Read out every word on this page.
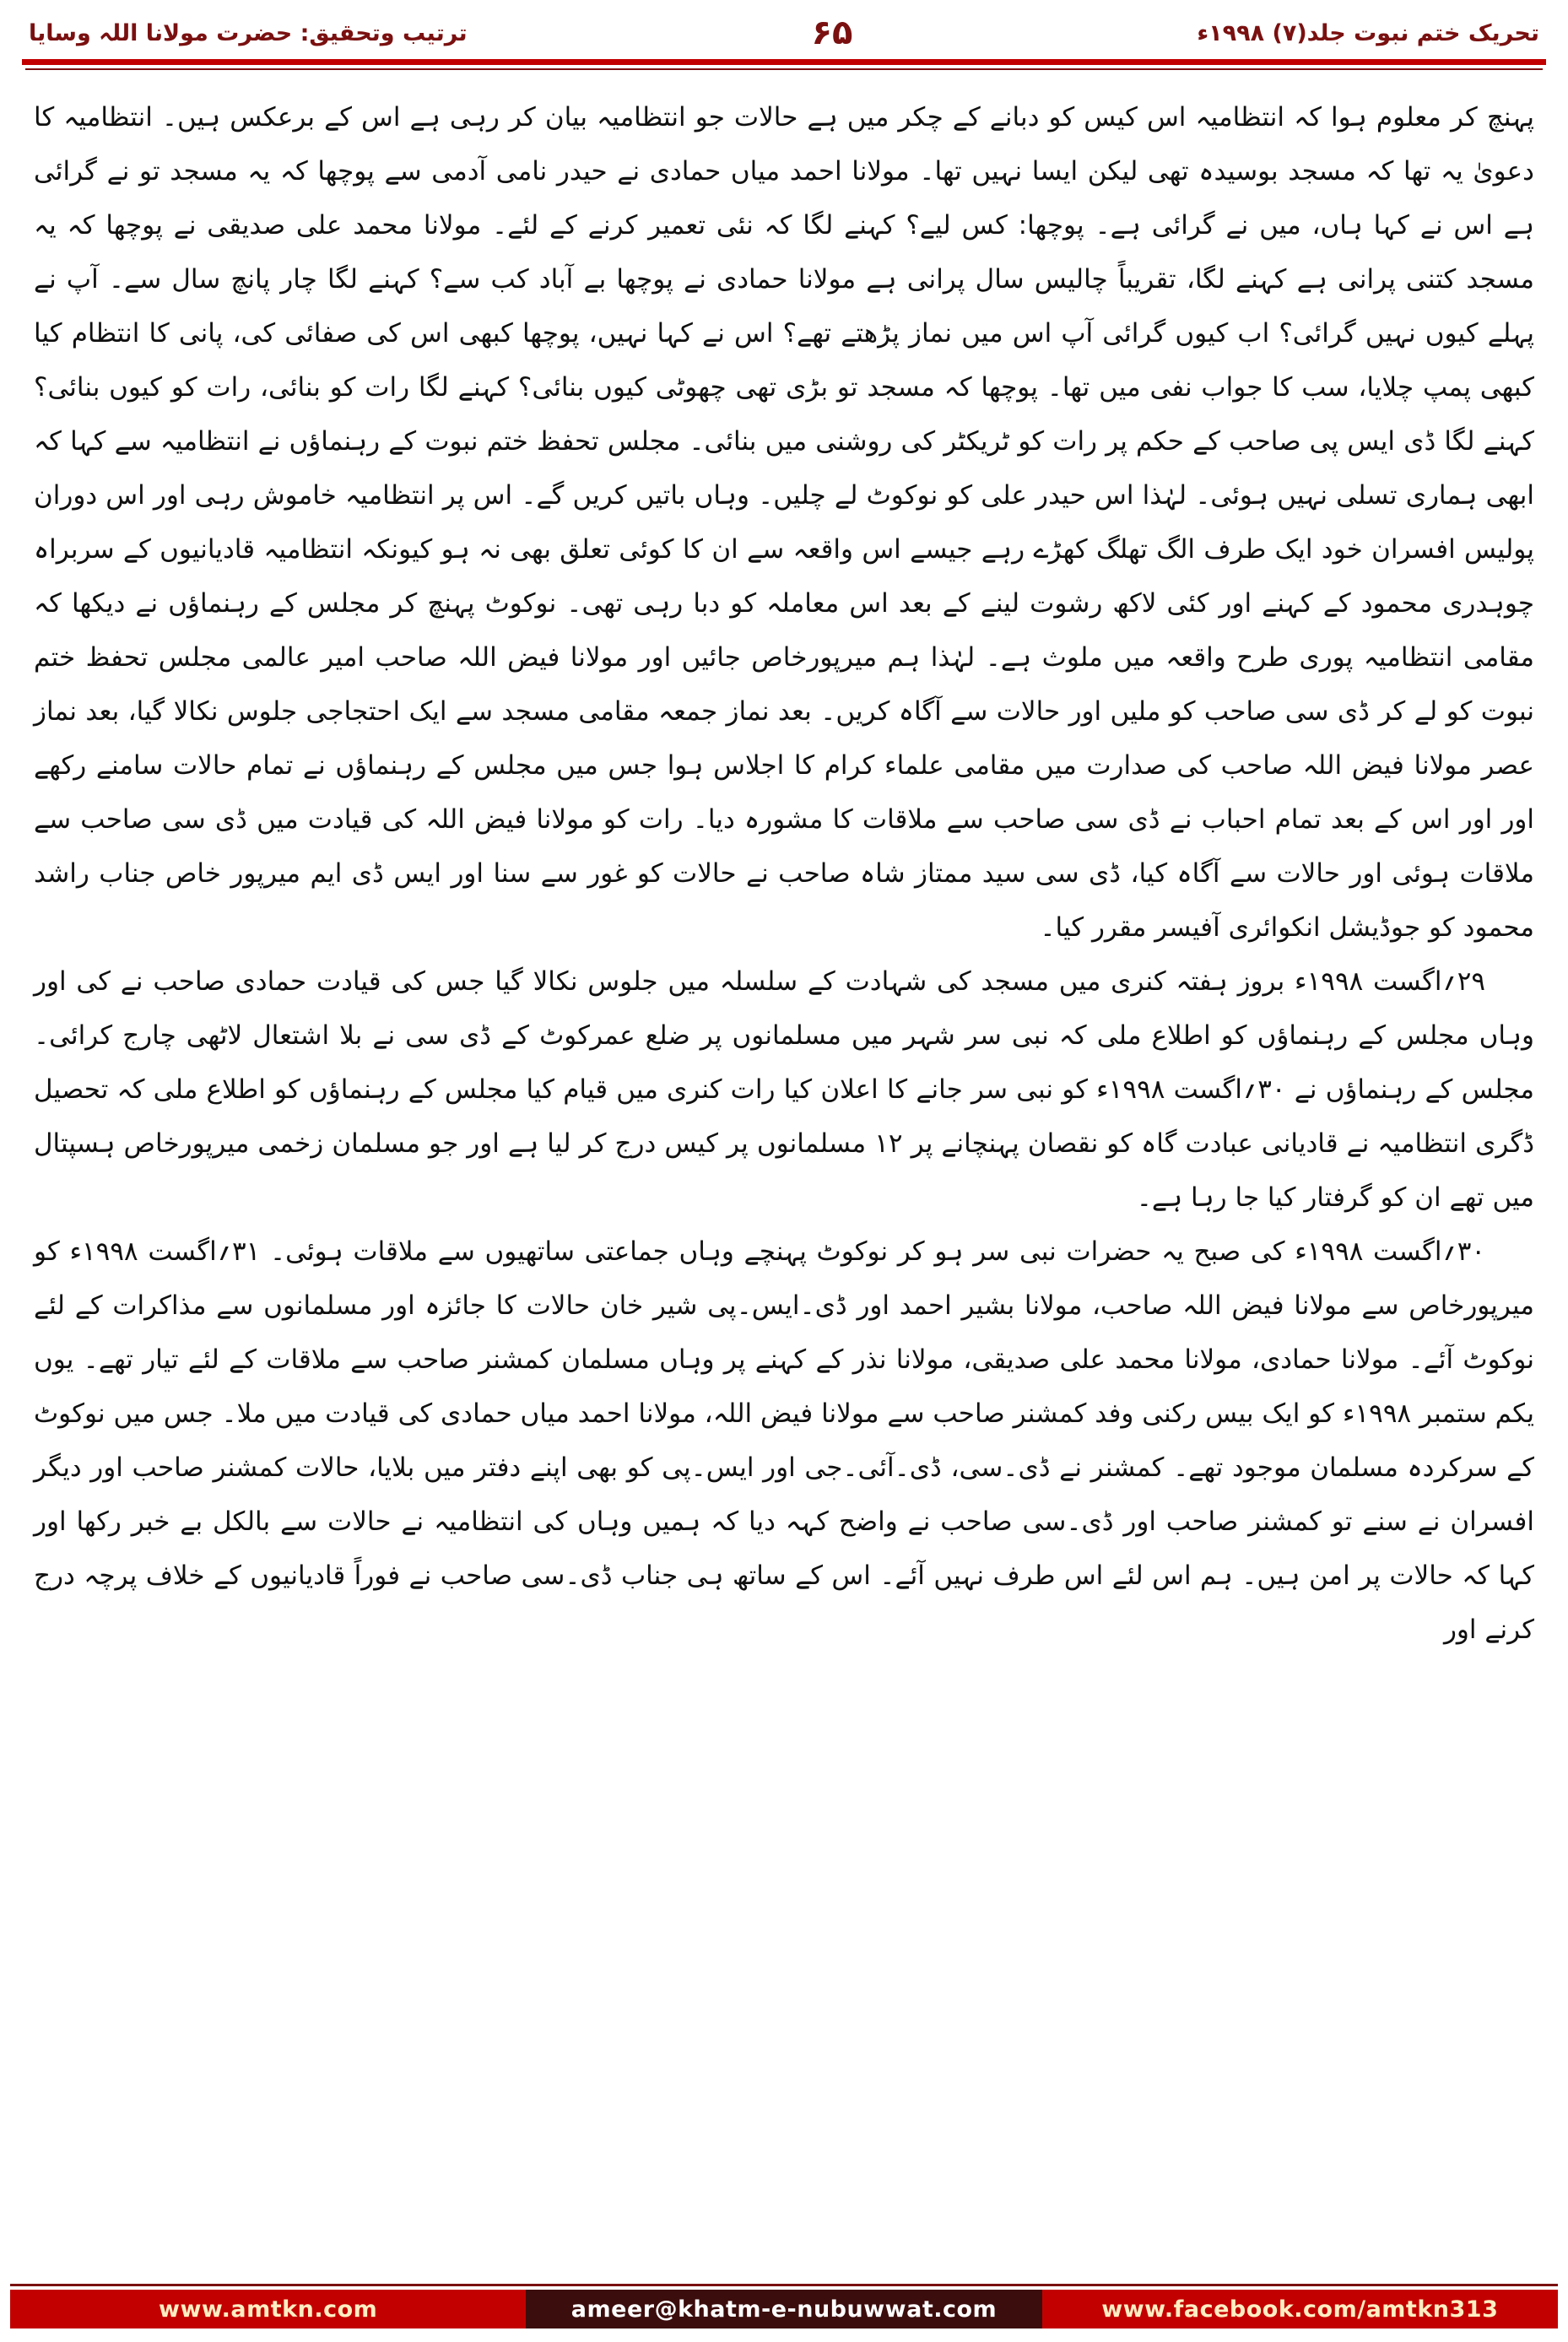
تحریک ختم نبوت جلد(۷) ۱۹۹۸ء
۶۵
ترتیب وتحقیق: حضرت مولانا اللہ وسایا

پہنچ کر معلوم ہوا کہ انتظامیہ اس کیس کو دبانے کے چکر میں ہے حالات جو انتظامیہ بیان کر رہی ہے اس کے برعکس ہیں۔ انتظامیہ کا دعویٰ یہ تھا کہ مسجد بوسیدہ تھی لیکن ایسا نہیں تھا۔ مولانا احمد میاں حمادی نے حیدر نامی آدمی سے پوچھا کہ یہ مسجد تو نے گرائی ہے اس نے کہا ہاں، میں نے گرائی ہے۔ پوچھا: کس لیے؟ کہنے لگا کہ نئی تعمیر کرنے کے لئے۔ مولانا محمد علی صدیقی نے پوچھا کہ یہ مسجد کتنی پرانی ہے کہنے لگا، تقریباً چالیس سال پرانی ہے مولانا حمادی نے پوچھا بے آباد کب سے؟ کہنے لگا چار پانچ سال سے۔ آپ نے پہلے کیوں نہیں گرائی؟ اب کیوں گرائی آپ اس میں نماز پڑھتے تھے؟ اس نے کہا نہیں، پوچھا کبھی اس کی صفائی کی، پانی کا انتظام کیا کبھی پمپ چلایا، سب کا جواب نفی میں تھا۔ پوچھا کہ مسجد تو بڑی تھی چھوٹی کیوں بنائی؟ کہنے لگا رات کو بنائی، رات کو کیوں بنائی؟ کہنے لگا ڈی ایس پی صاحب کے حکم پر رات کو ٹریکٹر کی روشنی میں بنائی۔ مجلس تحفظ ختم نبوت کے رہنماؤں نے انتظامیہ سے کہا کہ ابھی ہماری تسلی نہیں ہوئی۔ لہٰذا اس حیدر علی کو نوکوٹ لے چلیں۔ وہاں باتیں کریں گے۔ اس پر انتظامیہ خاموش رہی اور اس دوران پولیس افسران خود ایک طرف الگ تھلگ کھڑے رہے جیسے اس واقعہ سے ان کا کوئی تعلق بھی نہ ہو کیونکہ انتظامیہ قادیانیوں کے سربراہ چوہدری محمود کے کہنے اور کئی لاکھ رشوت لینے کے بعد اس معاملہ کو دبا رہی تھی۔ نوکوٹ پہنچ کر مجلس کے رہنماؤں نے دیکھا کہ مقامی انتظامیہ پوری طرح واقعہ میں ملوث ہے۔ لہٰذا ہم میرپورخاص جائیں اور مولانا فیض اللہ صاحب امیر عالمی مجلس تحفظ ختم نبوت کو لے کر ڈی سی صاحب کو ملیں اور حالات سے آگاہ کریں۔ بعد نماز جمعہ مقامی مسجد سے ایک احتجاجی جلوس نکالا گیا، بعد نماز عصر مولانا فیض اللہ صاحب کی صدارت میں مقامی علماء کرام کا اجلاس ہوا جس میں مجلس کے رہنماؤں نے تمام حالات سامنے رکھے اور اور اس کے بعد تمام احباب نے ڈی سی صاحب سے ملاقات کا مشورہ دیا۔ رات کو مولانا فیض اللہ کی قیادت میں ڈی سی صاحب سے ملاقات ہوئی اور حالات سے آگاہ کیا، ڈی سی سید ممتاز شاہ صاحب نے حالات کو غور سے سنا اور ایس ڈی ایم میرپور خاص جناب راشد محمود کو جوڈیشل انکوائری آفیسر مقرر کیا۔

۲۹؍اگست ۱۹۹۸ء بروز ہفتہ کنری میں مسجد کی شہادت کے سلسلہ میں جلوس نکالا گیا جس کی قیادت حمادی صاحب نے کی اور وہاں مجلس کے رہنماؤں کو اطلاع ملی کہ نبی سر شہر میں مسلمانوں پر ضلع عمرکوٹ کے ڈی سی نے بلا اشتعال لاٹھی چارج کرائی۔ مجلس کے رہنماؤں نے ۳۰؍اگست ۱۹۹۸ء کو نبی سر جانے کا اعلان کیا رات کنری میں قیام کیا مجلس کے رہنماؤں کو اطلاع ملی کہ تحصیل ڈگری انتظامیہ نے قادیانی عبادت گاہ کو نقصان پہنچانے پر ۱۲ مسلمانوں پر کیس درج کر لیا ہے اور جو مسلمان زخمی میرپورخاص ہسپتال میں تھے ان کو گرفتار کیا جا رہا ہے۔

۳۰؍اگست ۱۹۹۸ء کی صبح یہ حضرات نبی سر ہو کر نوکوٹ پہنچے وہاں جماعتی ساتھیوں سے ملاقات ہوئی۔ ۳۱؍اگست ۱۹۹۸ء کو میرپورخاص سے مولانا فیض اللہ صاحب، مولانا بشیر احمد اور ڈی۔ایس۔پی شیر خان حالات کا جائزہ اور مسلمانوں سے مذاکرات کے لئے نوکوٹ آئے۔ مولانا حمادی، مولانا محمد علی صدیقی، مولانا نذر کے کہنے پر وہاں مسلمان کمشنر صاحب سے ملاقات کے لئے تیار تھے۔ یوں یکم ستمبر ۱۹۹۸ء کو ایک بیس رکنی وفد کمشنر صاحب سے مولانا فیض اللہ، مولانا احمد میاں حمادی کی قیادت میں ملا۔ جس میں نوکوٹ کے سرکردہ مسلمان موجود تھے۔ کمشنر نے ڈی۔سی، ڈی۔آئی۔جی اور ایس۔پی کو بھی اپنے دفتر میں بلایا، حالات کمشنر صاحب اور دیگر افسران نے سنے تو کمشنر صاحب اور ڈی۔سی صاحب نے واضح کہہ دیا کہ ہمیں وہاں کی انتظامیہ نے حالات سے بالکل بے خبر رکھا اور کہا کہ حالات پر امن ہیں۔ ہم اس لئے اس طرف نہیں آئے۔ اس کے ساتھ ہی جناب ڈی۔سی صاحب نے فوراً قادیانیوں کے خلاف پرچہ درج کرنے اور

www.amtkn.com	ameer@khatm-e-nubuwwat.com	www.facebook.com/amtkn313
